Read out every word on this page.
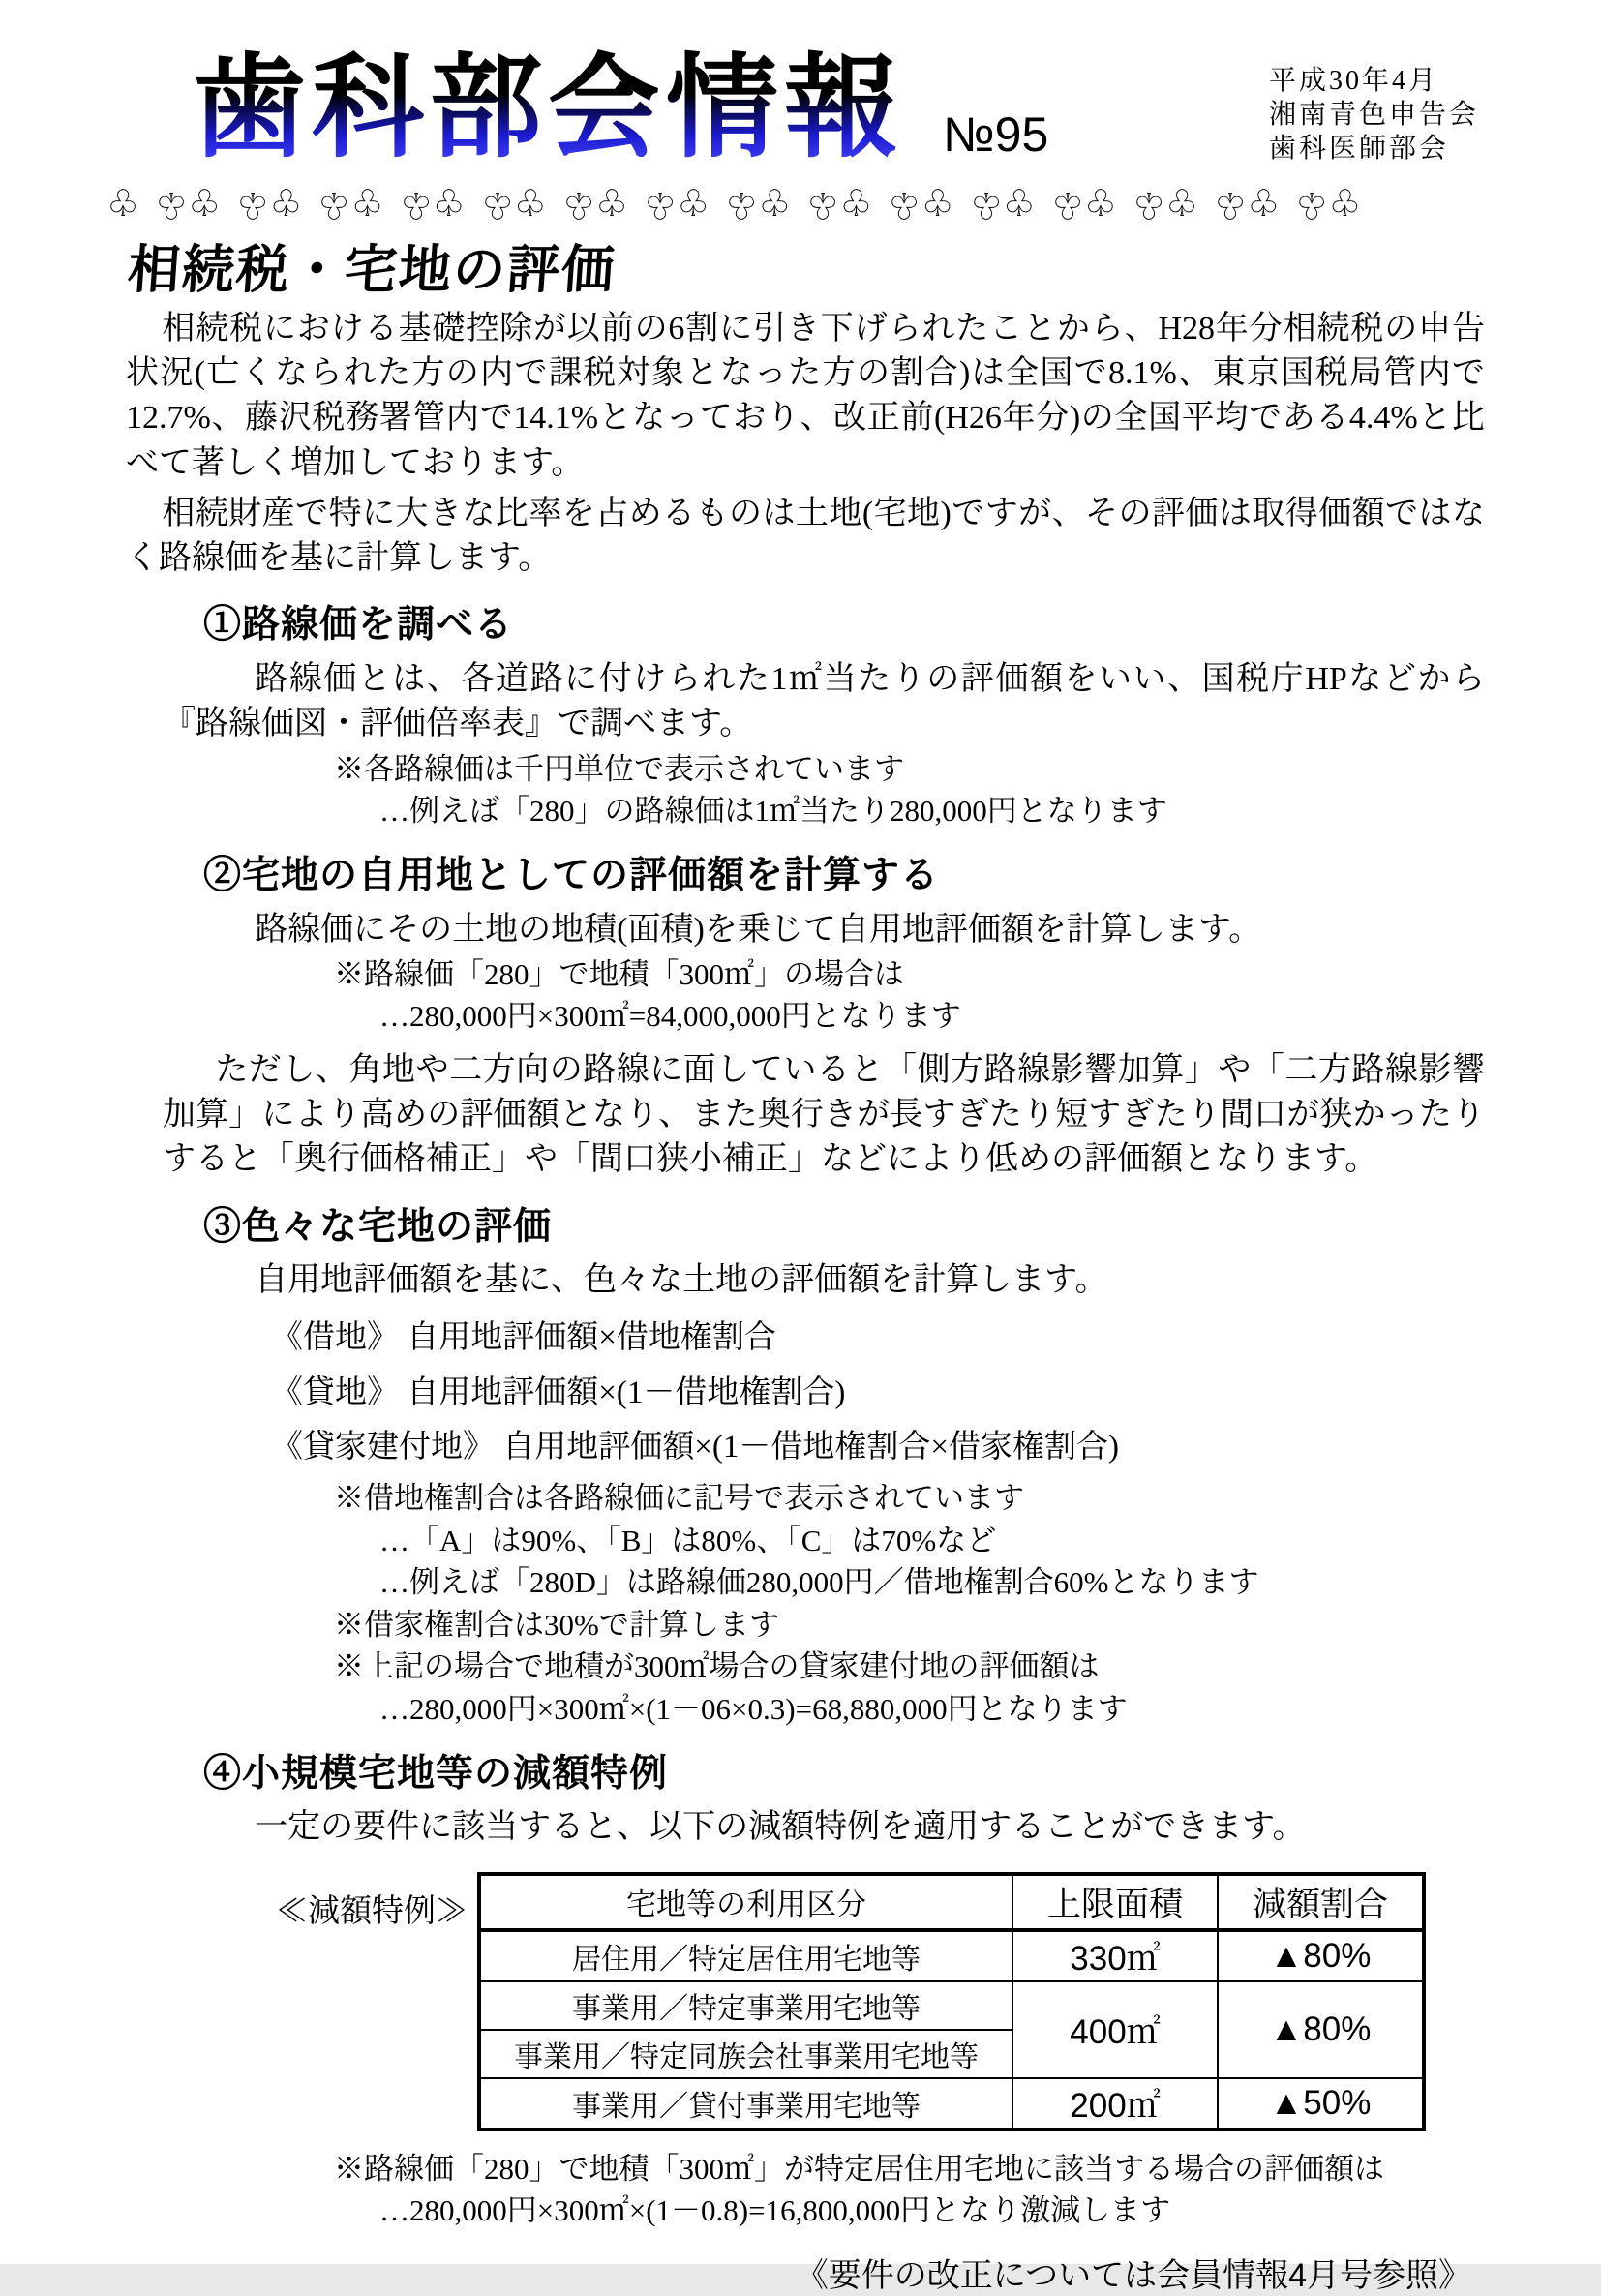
歯科部会情報 №95
平成30年4月
湘南青色申告会
歯科医師部会
♧♧♧♧♧♧♧♧♧♧♧♧♧♧♧♧♧♧♧♧♧♧♧♧♧♧♧♧♧♧♧
相続税・宅地の評価

相続税における基礎控除が以前の6割に引き下げられたことから、H28年分相続税の申告状況(亡くなられた方の内で課税対象となった方の割合)は全国で8.1%、東京国税局管内で12.7%、藤沢税務署管内で14.1%となっており、改正前(H26年分)の全国平均である4.4%と比べて著しく増加しております。

相続財産で特に大きな比率を占めるものは土地(宅地)ですが、その評価は取得価額ではなく路線価を基に計算します。

①路線価を調べる

路線価とは、各道路に付けられた1㎡当たりの評価額をいい、国税庁HPなどから『路線価図・評価倍率表』で調べます。

※各路線価は千円単位で表示されています
…例えば「280」の路線価は1㎡当たり280,000円となります
②宅地の自用地としての評価額を計算する

路線価にその土地の地積(面積)を乗じて自用地評価額を計算します。

※路線価「280」で地積「300㎡」の場合は
…280,000円×300㎡=84,000,000円となります

ただし、角地や二方向の路線に面していると「側方路線影響加算」や「二方路線影響加算」により高めの評価額となり、また奥行きが長すぎたり短すぎたり間口が狭かったりすると「奥行価格補正」や「間口狭小補正」などにより低めの評価額となります。

③色々な宅地の評価

自用地評価額を基に、色々な土地の評価額を計算します。

《借地》 自用地評価額×借地権割合
《貸地》 自用地評価額×(1－借地権割合)
《貸家建付地》 自用地評価額×(1－借地権割合×借家権割合)
※借地権割合は各路線価に記号で表示されています
…「A」は90%、「B」は80%、「C」は70%など
…例えば「280D」は路線価280,000円／借地権割合60%となります
※借家権割合は30%で計算します
※上記の場合で地積が300㎡場合の貸家建付地の評価額は
…280,000円×300㎡×(1－06×0.3)=68,880,000円となります
④小規模宅地等の減額特例

一定の要件に該当すると、以下の減額特例を適用することができます。

≪減額特例≫	宅地等の利用区分	上限面積	減額割合
居住用／特定居住用宅地等	330㎡	▲80%
事業用／特定事業用宅地等	400㎡	▲80%
事業用／特定同族会社事業用宅地等		
事業用／貸付事業用宅地等	200㎡	▲50%
※路線価「280」で地積「300㎡」が特定居住用宅地に該当する場合の評価額は
…280,000円×300㎡×(1－0.8)=16,800,000円となり激減します
《要件の改正については会員情報4月号参照》
